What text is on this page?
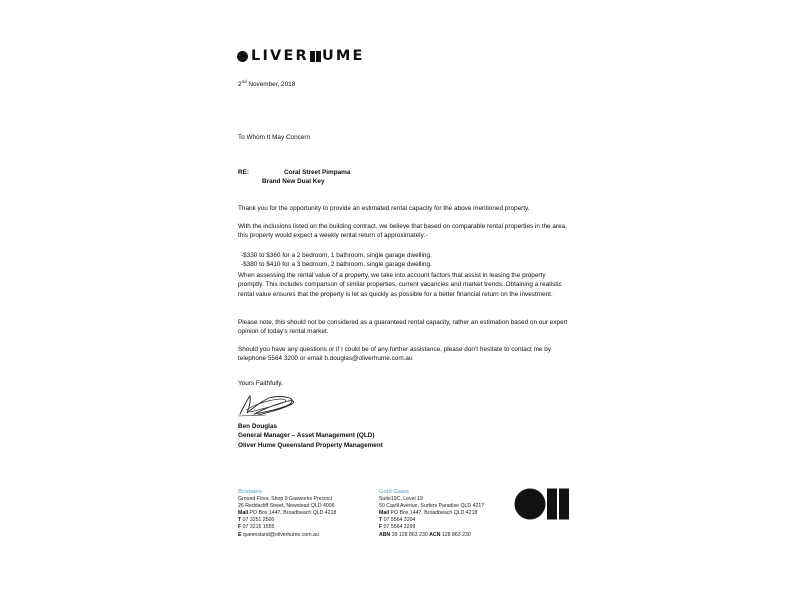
LIVER UME
2nd November, 2018
To Whom It May Concern
RE:	Coral Street Pimpama
Brand New Dual Key
Thank you for the opportunity to provide an estimated rental capacity for the above mentioned property.
With the inclusions listed on the building contract, we believe that based on comparable rental properties in the area, this property would expect a weekly rental return of approximately:-
-$330 to $360 for a 2 bedroom, 1 bathroom, single garage dwelling.
-$380 to $410 for a 3 bedroom, 2 bathroom, single garage dwelling.
When assessing the rental value of a property, we take into account factors that assist in leasing the property promptly. This includes comparison of similar properties, current vacancies and market trends. Obtaining a realistic rental value ensures that the property is let as quickly as possible for a better financial return on the investment.
Please note, this should not be considered as a guaranteed rental capacity, rather an estimation based on our expert opinion of today’s rental market.
Should you have any questions or if I could be of any further assistance, please don’t hesitate to contact me by telephone 5564 3200 or email b.douglas@oliverhume.com.au
Yours Faithfully,
Ben Douglas
General Manager – Asset Management (QLD)
Oliver Hume Queensland Property Management
Brisbane
Ground Floor, Shop 9 Gasworks Precinct
26 Reddacliff Street, Newstead QLD 4006
Mail PO Box 1447, Broadbeach QLD 4218
T 07 3251 2500
F 07 3216 1555
E queensland@oliverhume.com.au
Gold Coast
Suite19C, Level 19
50 Cavill Avenue, Surfers Paradise QLD 4217
Mail PO Box 1447, Broadbeach QLD 4218
T 07 5564 3204
F 07 5564 3299
ABN 39 128 863 230 ACN 128 863 230
